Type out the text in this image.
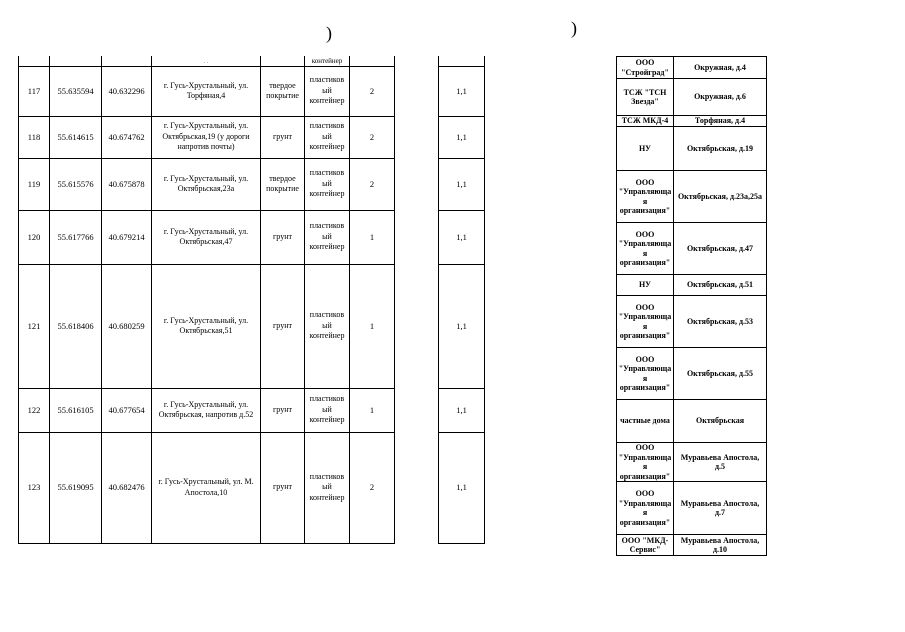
)	)
			· ·		контейнер	
117	55.635594	40.632296	г. Гусь-Хрустальный, ул. Торфяная,4	твердое покрытие	пластиков ый контейнер	2
118	55.614615	40.674762	г. Гусь-Хрустальный, ул. Октябрьская,19 (у дороги напротив почты)	грунт	пластиков ый контейнер	2
119	55.615576	40.675878	г. Гусь-Хрустальный, ул. Октябрьская,23а	твердое покрытие	пластиков ый контейнер	2
120	55.617766	40.679214	г. Гусь-Хрустальный, ул. Октябрьская,47	грунт	пластиков ый контейнер	1
121	55.618406	40.680259	г. Гусь-Хрустальный, ул. Октябрьская,51	грунт	пластиков ый контейнер	1
122	55.616105	40.677654	г. Гусь-Хрустальный, ул. Октябрьская, напротив д.52	грунт	пластиков ый контейнер	1
123	55.619095	40.682476	г. Гусь-Хрустальный, ул. М. Апостола,10	грунт	пластиков ый контейнер	2

1,1
1,1
1,1
1,1
1,1
1,1
1,1
ООО "Стройград"	Окружная, д.4
ТСЖ "ТСН Звезда"	Окружная, д.6
ТСЖ МКД-4	Торфяная, д.4
НУ	Октябрьская, д.19
ООО "Управляюща я организация"	Октябрьская, д.23а,25а
ООО "Управляюща я организация"	Октябрьская, д.47
НУ	Октябрьская, д.51
ООО "Управляюща я организация"	Октябрьская, д.53
ООО "Управляюща я организация"	Октябрьская, д.55
частные дома	Октябрьская
ООО "Управляюща я организация"	Муравьева Апостола, д.5
ООО "Управляюща я организация"	Муравьева Апостола, д.7
ООО "МКД-Сервис"	Муравьева Апостола, д.10
